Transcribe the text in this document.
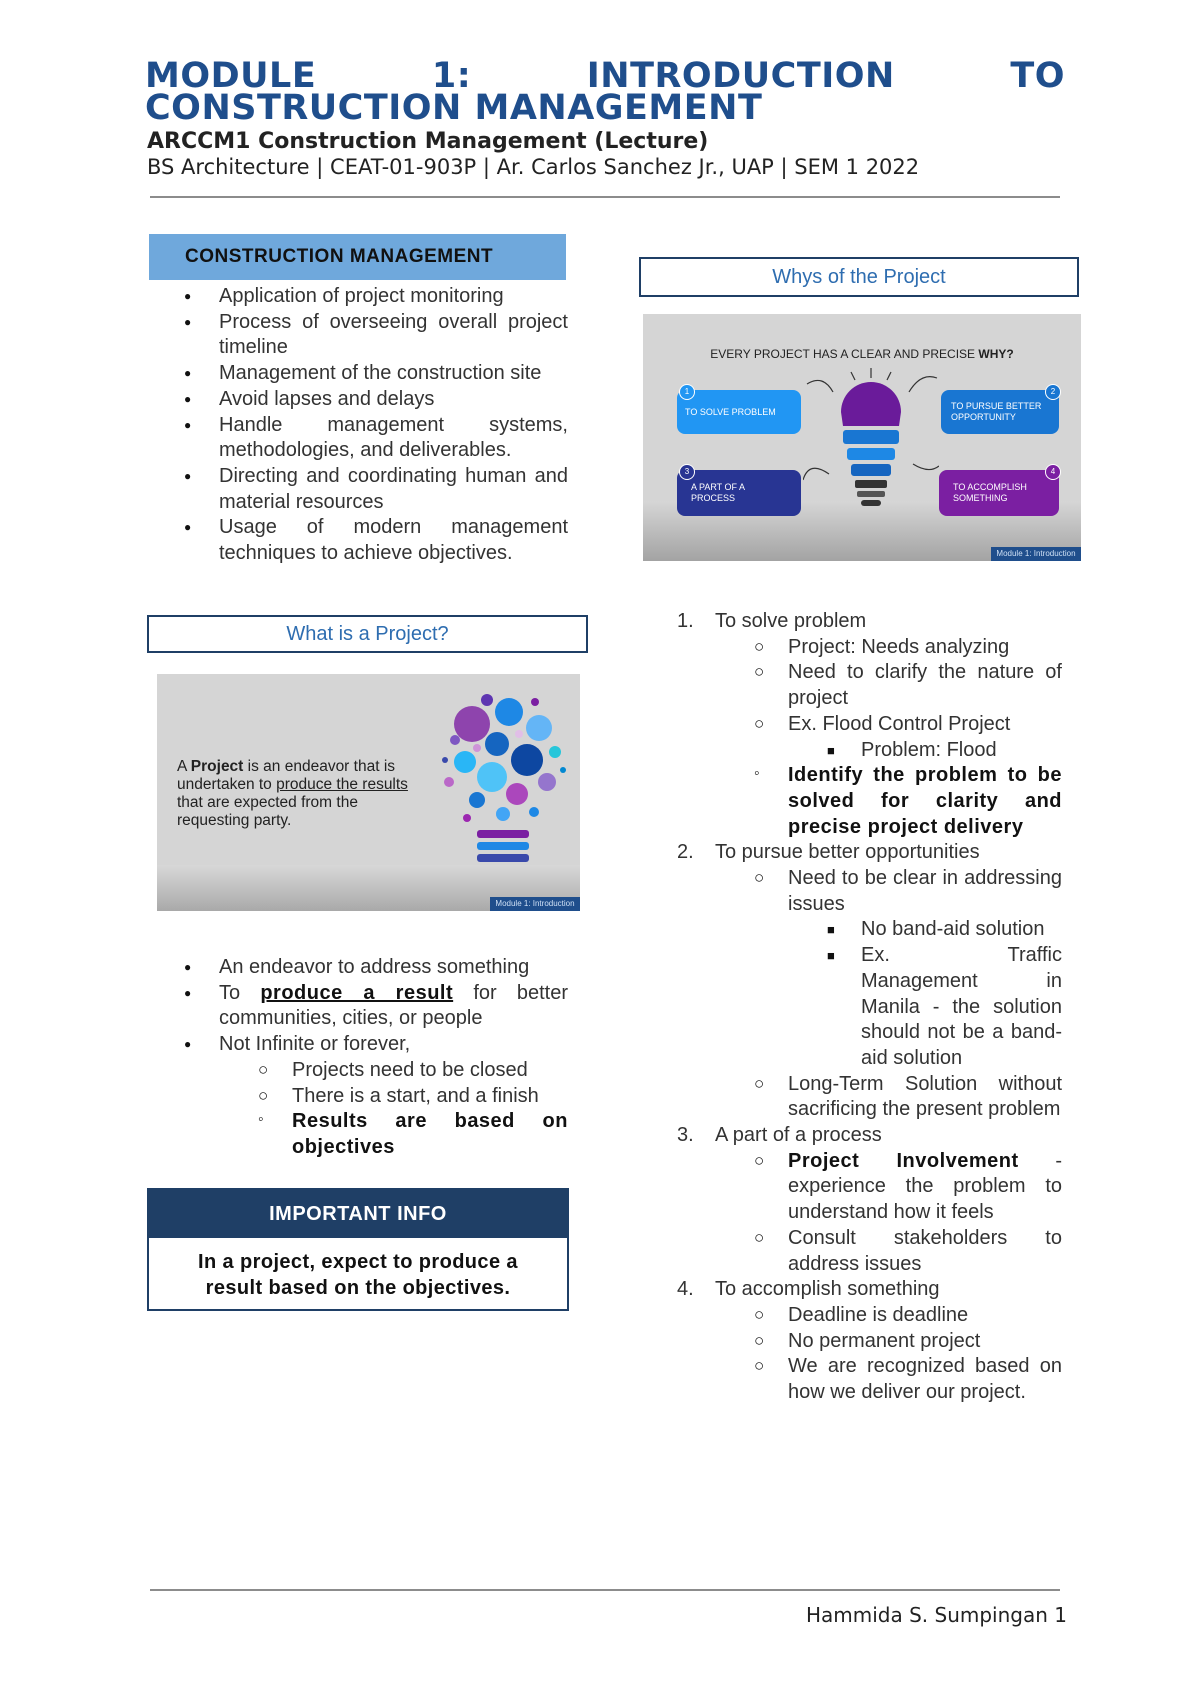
MODULE 1: INTRODUCTION TO CONSTRUCTION MANAGEMENT
ARCCM1 Construction Management (Lecture)
BS Architecture | CEAT-01-903P | Ar. Carlos Sanchez Jr., UAP | SEM 1 2022
CONSTRUCTION MANAGEMENT
● Application of project monitoring
● Process of overseeing overall project timeline
● Management of the construction site
● Avoid lapses and delays
● Handle management systems, methodologies, and deliverables.
● Directing and coordinating human and material resources
● Usage of modern management techniques to achieve objectives.
What is a Project?
A Project is an endeavor that is undertaken to produce the results that are expected from the requesting party.
Module 1: Introduction
● An endeavor to address something
● To produce a result for better communities, cities, or people
● Not Infinite or forever,
○ Projects need to be closed
○ There is a start, and a finish
◦ Results are based on objectives
IMPORTANT INFO
In a project, expect to produce a result based on the objectives.
Whys of the Project
EVERY PROJECT HAS A CLEAR AND PRECISE WHY?
TO SOLVE PROBLEM
1
TO PURSUE BETTER OPPORTUNITY
2
A PART OF A PROCESS
3
TO ACCOMPLISH SOMETHING
4
Module 1: Introduction
1. To solve problem
○ Project: Needs analyzing
○ Need to clarify the nature of project
○ Ex. Flood Control Project
■ Problem: Flood
◦ Identify the problem to be solved for clarity and precise project delivery
2. To pursue better opportunities
○ Need to be clear in addressing issues
■ No band-aid solution
■ Ex. Traffic Management in Manila - the solution should not be a band-aid solution
○ Long-Term Solution without sacrificing the present problem
3. A part of a process
○ Project Involvement - experience the problem to understand how it feels
○ Consult stakeholders to address issues
4. To accomplish something
○ Deadline is deadline
○ No permanent project
○ We are recognized based on how we deliver our project.
Hammida S. Sumpingan 1
